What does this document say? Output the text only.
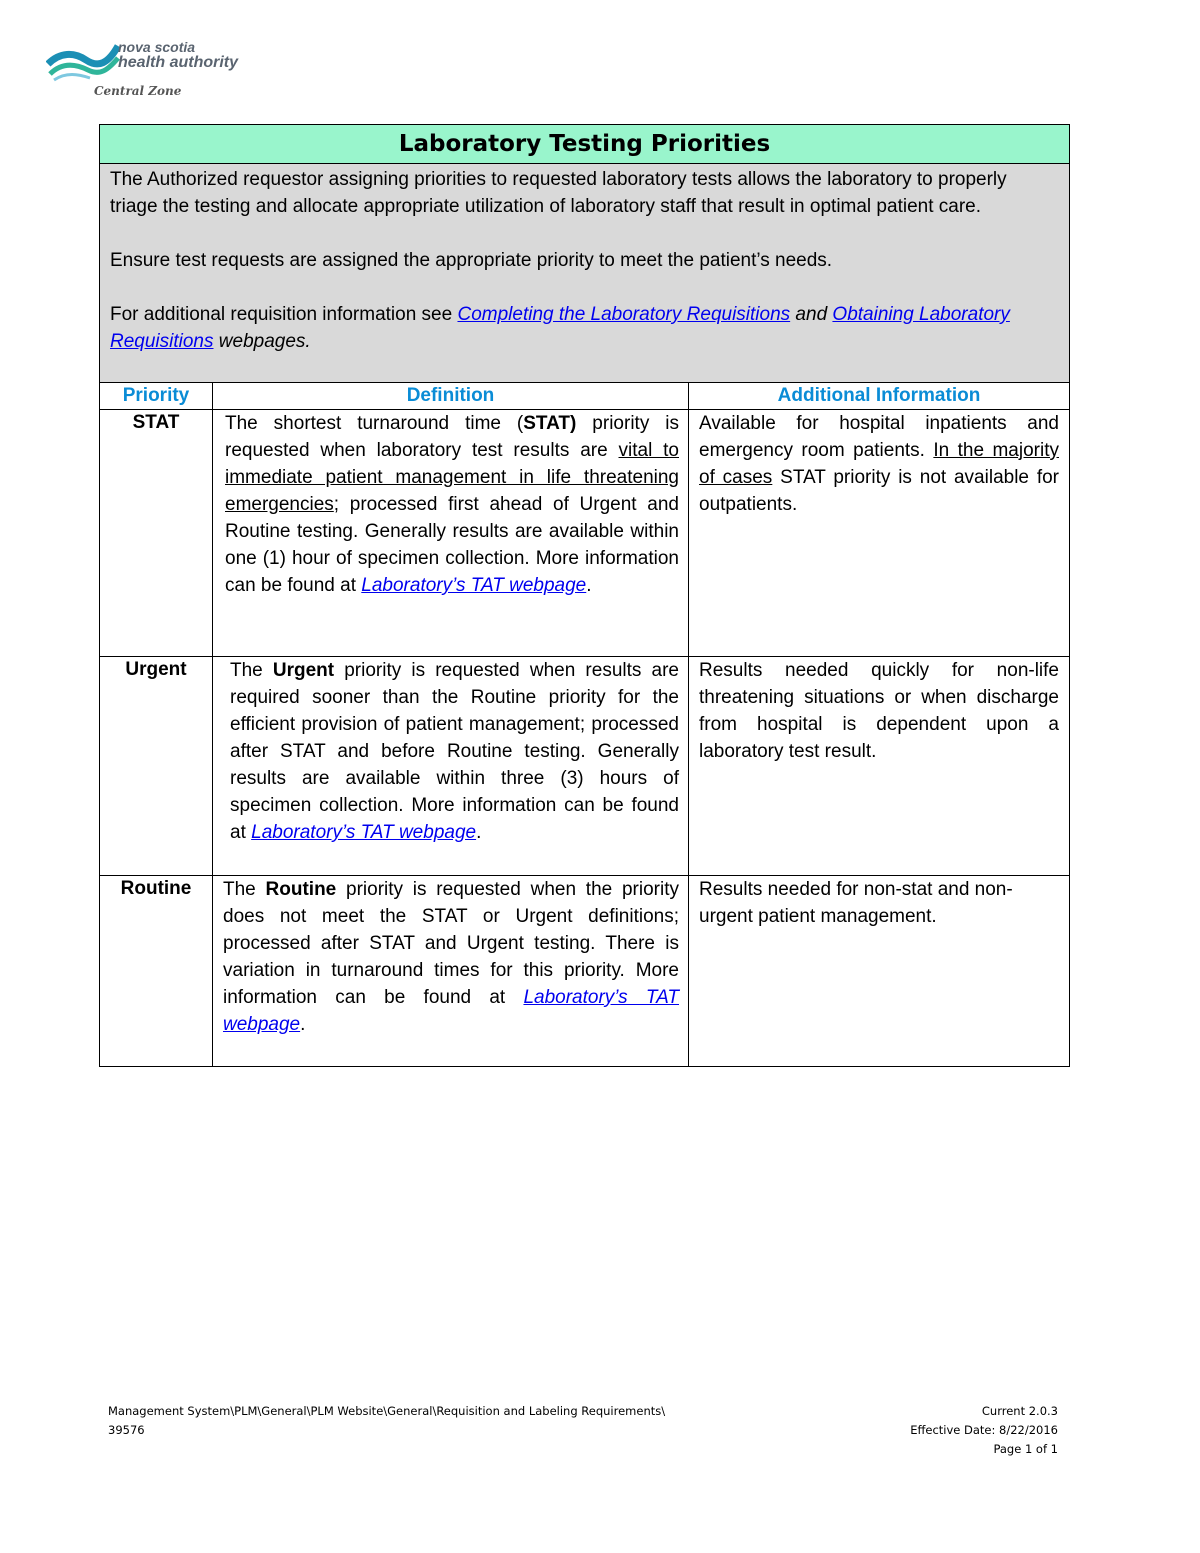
nova scotia
health authority
Central Zone
Laboratory Testing Priorities		

The Authorized requestor assigning priorities to requested laboratory tests allows the laboratory to properly triage the testing and allocate appropriate utilization of laboratory staff that result in optimal patient care.

Ensure test requests are assigned the appropriate priority to meet the patient’s needs.

For additional requisition information see Completing the Laboratory Requisitions and Obtaining Laboratory Requisitions webpages.		

Priority	Definition	Additional Information
STAT	The shortest turnaround time (STAT) priority is requested when laboratory test results are vital to immediate patient management in life threatening emergencies; processed first ahead of Urgent and Routine testing. Generally results are available within one (1) hour of specimen collection. More information can be found at Laboratory’s TAT webpage.	Available for hospital inpatients and emergency room patients. In the majority of cases STAT priority is not available for outpatients.
Urgent	The Urgent priority is requested when results are required sooner than the Routine priority for the efficient provision of patient management; processed after STAT and before Routine testing. Generally results are available within three (3) hours of specimen collection. More information can be found at Laboratory’s TAT webpage.	Results needed quickly for non-life threatening situations or when discharge from hospital is dependent upon a laboratory test result.
Routine	The Routine priority is requested when the priority does not meet the STAT or Urgent definitions; processed after STAT and Urgent testing. There is variation in turnaround times for this priority. More information can be found at Laboratory’s TAT webpage.	Results needed for non-stat and non-urgent patient management.
Management System\PLM\General\PLM Website\General\Requisition and Labeling Requirements\
39576
Current 2.0.3
Effective Date: 8/22/2016
Page 1 of 1
